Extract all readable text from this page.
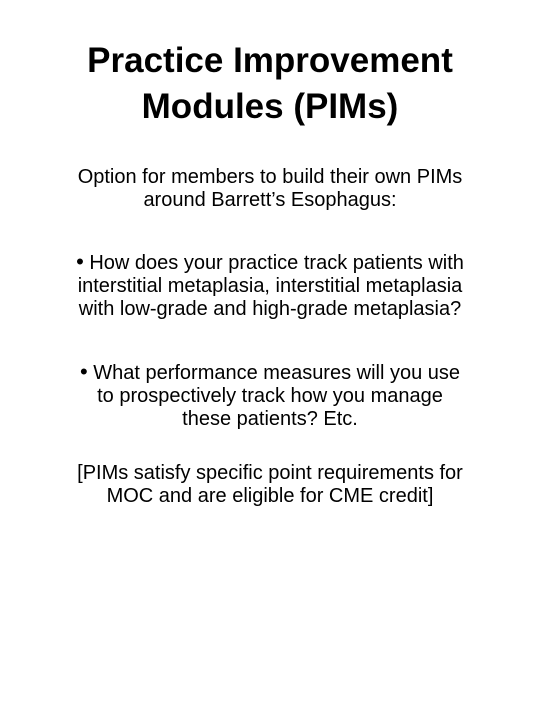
Practice Improvement
Modules (PIMs)
Option for members to build their own PIMs
around Barrett’s Esophagus:
• How does your practice track patients with
interstitial metaplasia, interstitial metaplasia
with low-grade and high-grade metaplasia?
• What performance measures will you use
to prospectively track how you manage
these patients? Etc.
[PIMs satisfy specific point requirements for
MOC and are eligible for CME credit]
